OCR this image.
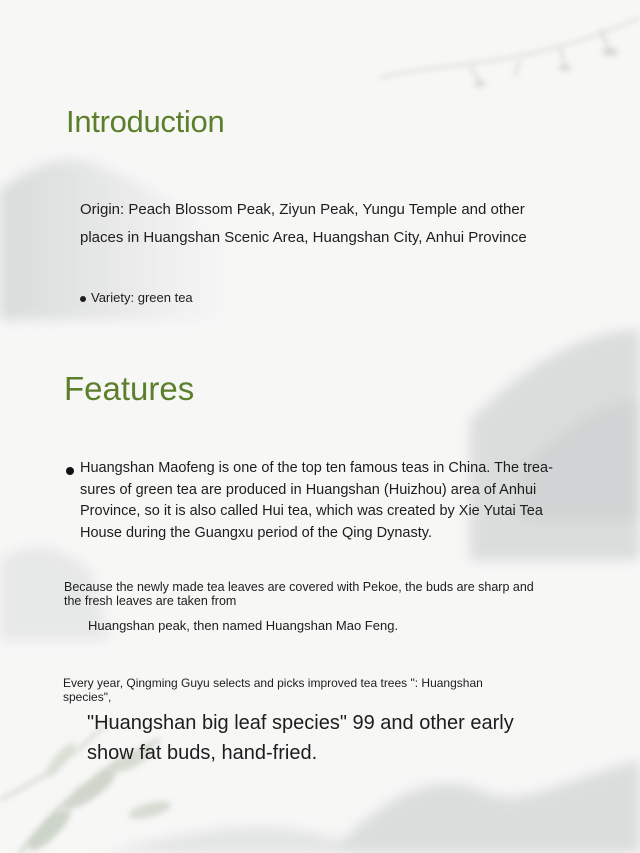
Introduction
Origin: Peach Blossom Peak, Ziyun Peak, Yungu Temple and other
places in Huangshan Scenic Area, Huangshan City, Anhui Province
Variety: green tea
Features
Huangshan Maofeng is one of the top ten famous teas in China. The trea-
sures of green tea are produced in Huangshan (Huizhou) area of Anhui
Province, so it is also called Hui tea, which was created by Xie Yutai Tea
House during the Guangxu period of the Qing Dynasty.
Because the newly made tea leaves are covered with Pekoe, the buds are sharp and
the fresh leaves are taken from
Huangshan peak, then named Huangshan Mao Feng.
Every year, Qingming Guyu selects and picks improved tea trees ": Huangshan
species",
"Huangshan big leaf species" 99 and other early
show fat buds, hand-fried.
